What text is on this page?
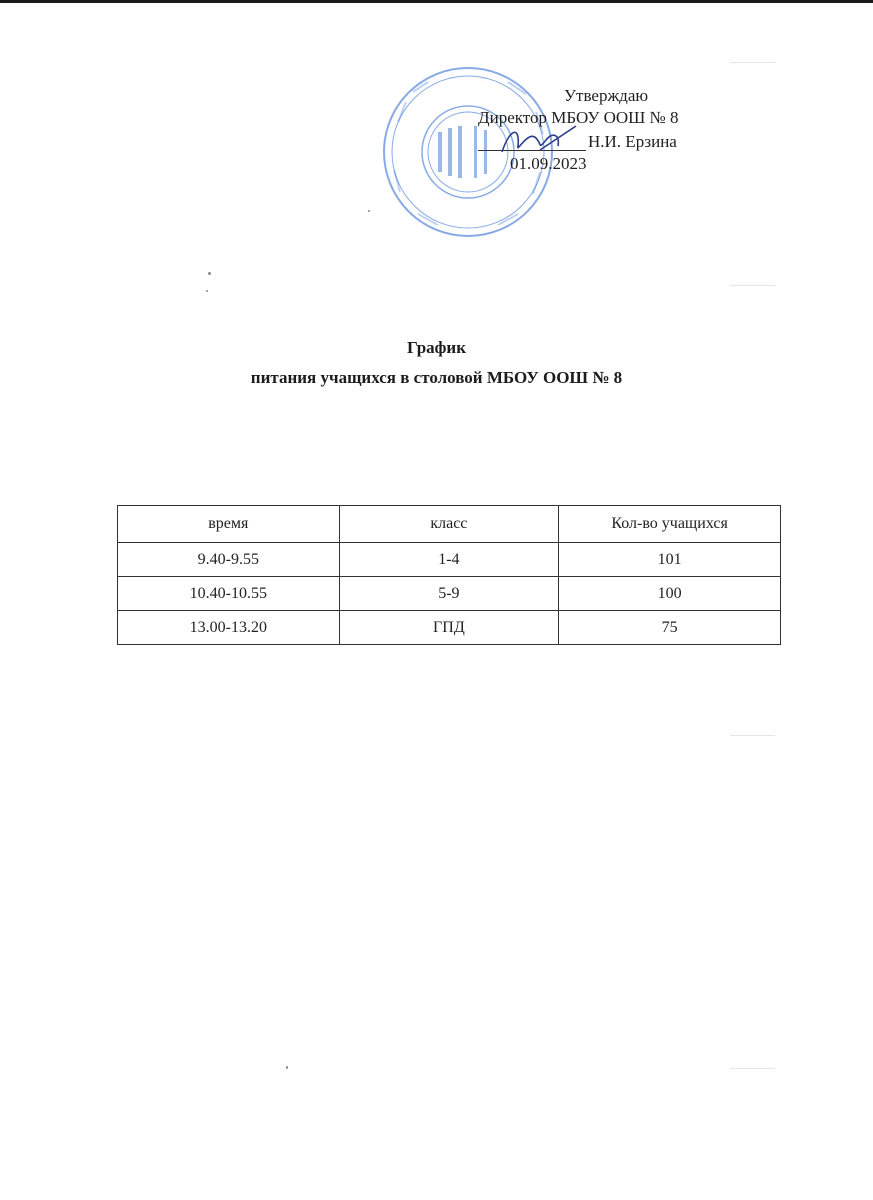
Утверждаю
Директор МБОУ ООШ № 8
Н.И. Ерзина
01.09.2023
График
питания учащихся в столовой МБОУ ООШ № 8
время	класс	Кол-во учащихся
9.40-9.55	1-4	101
10.40-10.55	5-9	100
13.00-13.20	ГПД	75
